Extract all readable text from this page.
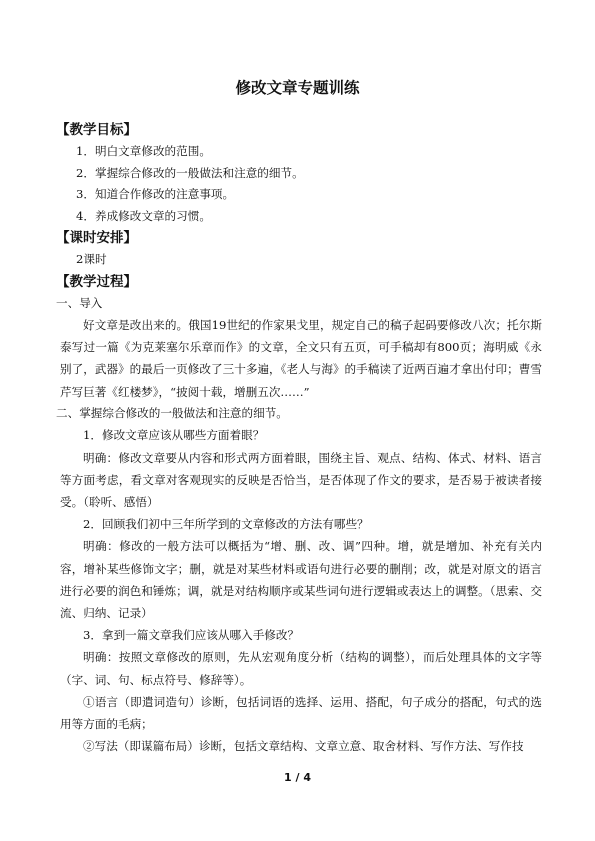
修改文章专题训练
【教学目标】
1．明白文章修改的范围。
2．掌握综合修改的一般做法和注意的细节。
3．知道合作修改的注意事项。
4．养成修改文章的习惯。
【课时安排】
2课时
【教学过程】
一、导入

好文章是改出来的。俄国19世纪的作家果戈里，规定自己的稿子起码要修改八次；托尔斯泰写过一篇《为克莱塞尔乐章而作》的文章，全文只有五页，可手稿却有800页；海明威《永别了，武器》的最后一页修改了三十多遍，《老人与海》的手稿读了近两百遍才拿出付印；曹雪芹写巨著《红楼梦》，“披阅十载，增删五次……”

二、掌握综合修改的一般做法和注意的细节。

1．修改文章应该从哪些方面着眼？

明确：修改文章要从内容和形式两方面着眼，围绕主旨、观点、结构、体式、材料、语言等方面考虑，看文章对客观现实的反映是否恰当，是否体现了作文的要求，是否易于被读者接受。（聆听、感悟）

2．回顾我们初中三年所学到的文章修改的方法有哪些？

明确：修改的一般方法可以概括为“增、删、改、调”四种。增，就是增加、补充有关内容，增补某些修饰文字；删，就是对某些材料或语句进行必要的删削；改，就是对原文的语言进行必要的润色和锤炼；调，就是对结构顺序或某些词句进行逻辑或表达上的调整。（思索、交流、归纳、记录）

3．拿到一篇文章我们应该从哪入手修改？

明确：按照文章修改的原则，先从宏观角度分析（结构的调整），而后处理具体的文字等（字、词、句、标点符号、修辞等）。

①语言（即遣词造句）诊断，包括词语的选择、运用、搭配，句子成分的搭配，句式的选用等方面的毛病；

②写法（即谋篇布局）诊断，包括文章结构、文章立意、取舍材料、写作方法、写作技

1 / 4
